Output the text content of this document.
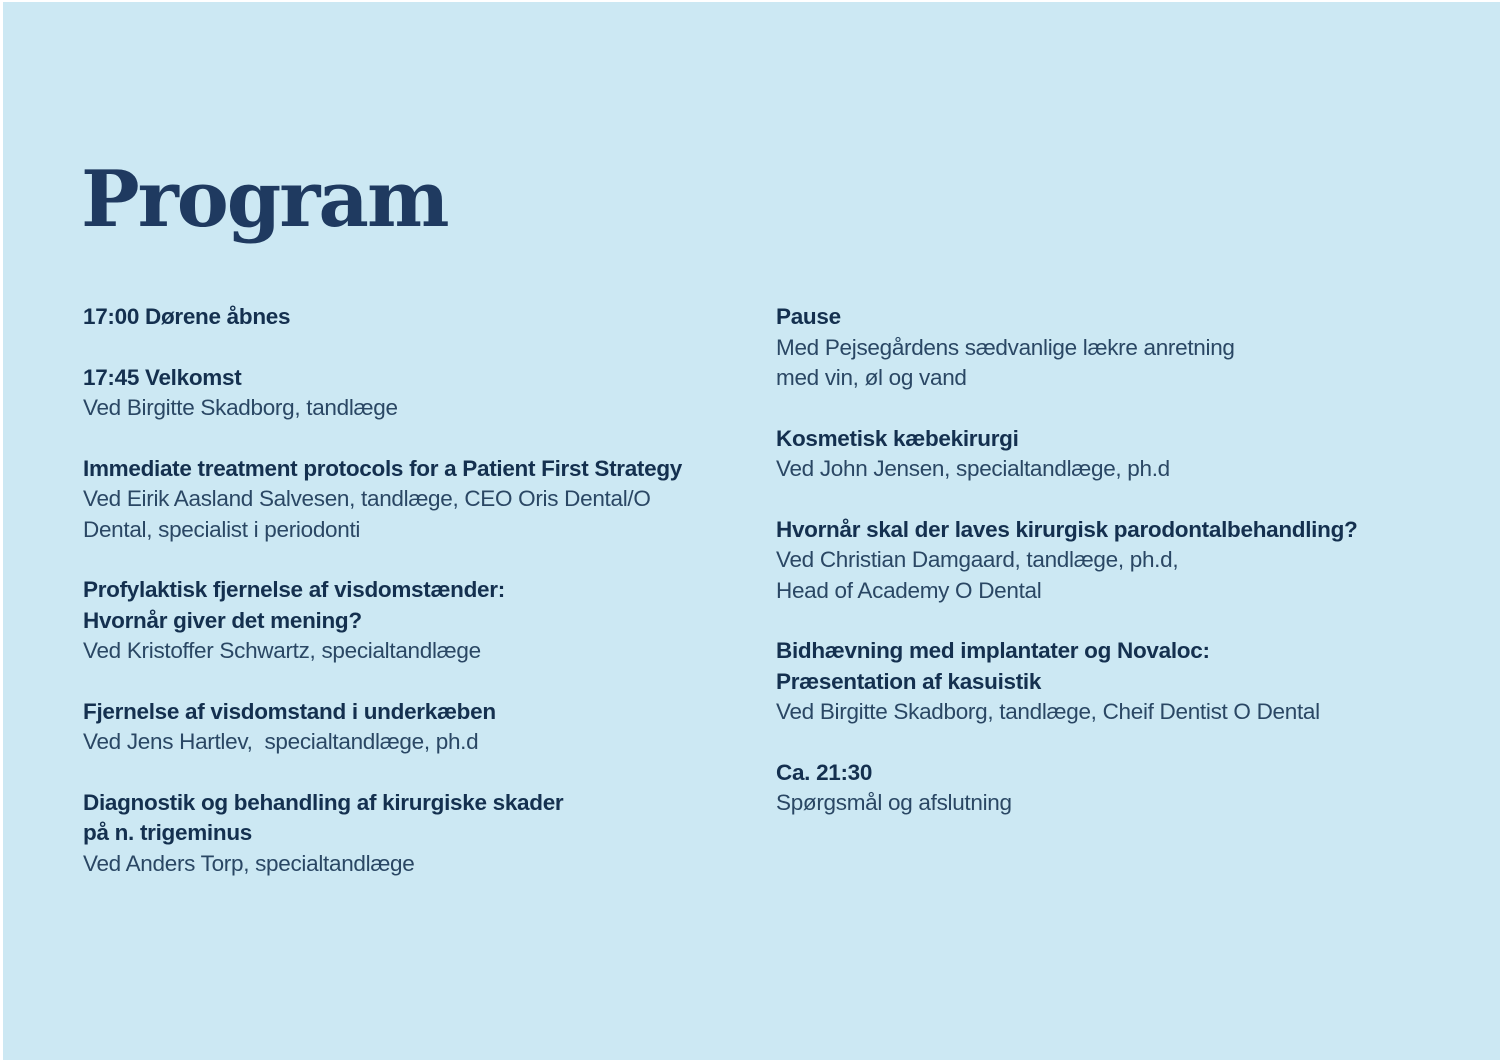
Program
17:00 Dørene åbnes
17:45 Velkomst
Ved Birgitte Skadborg, tandlæge
Immediate treatment protocols for a Patient First Strategy
Ved Eirik Aasland Salvesen, tandlæge, CEO Oris Dental/O
Dental, specialist i periodonti
Profylaktisk fjernelse af visdomstænder:
Hvornår giver det mening?
Ved Kristoffer Schwartz, specialtandlæge
Fjernelse af visdomstand i underkæben
Ved Jens Hartlev,  specialtandlæge, ph.d
Diagnostik og behandling af kirurgiske skader
på n. trigeminus
Ved Anders Torp, specialtandlæge
Pause
Med Pejsegårdens sædvanlige lækre anretning
med vin, øl og vand
Kosmetisk kæbekirurgi
Ved John Jensen, specialtandlæge, ph.d
Hvornår skal der laves kirurgisk parodontalbehandling?
Ved Christian Damgaard, tandlæge, ph.d,
Head of Academy O Dental
Bidhævning med implantater og Novaloc:
Præsentation af kasuistik
Ved Birgitte Skadborg, tandlæge, Cheif Dentist O Dental
Ca. 21:30
Spørgsmål og afslutning
